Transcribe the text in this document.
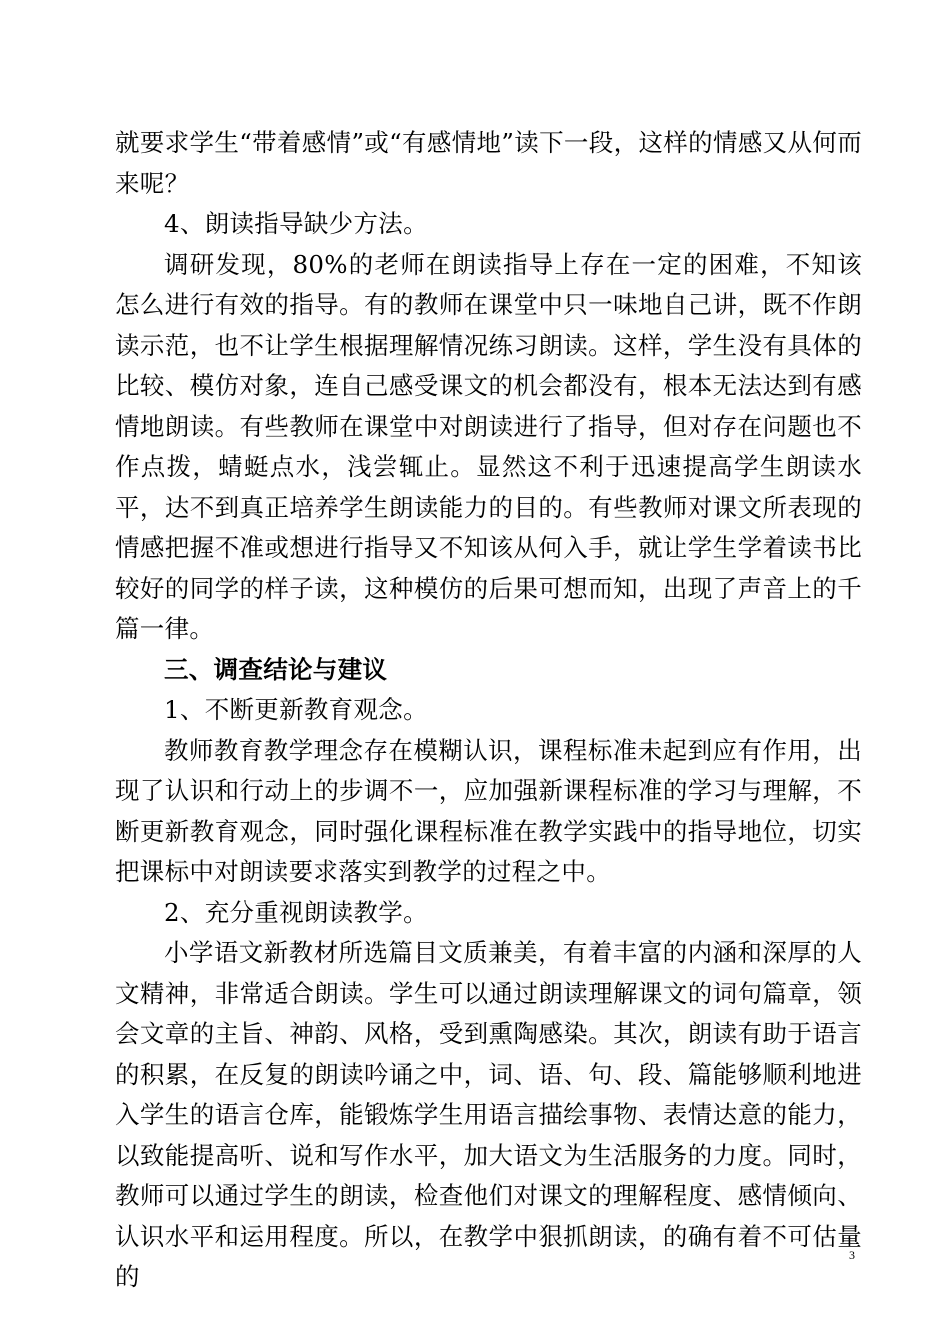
就要求学生“带着感情”或“有感情地”读下一段，这样的情感又从何而来呢？

4、朗读指导缺少方法。

调研发现，80%的老师在朗读指导上存在一定的困难，不知该怎么进行有效的指导。有的教师在课堂中只一味地自己讲，既不作朗读示范，也不让学生根据理解情况练习朗读。这样，学生没有具体的比较、模仿对象，连自己感受课文的机会都没有，根本无法达到有感情地朗读。有些教师在课堂中对朗读进行了指导，但对存在问题也不作点拨，蜻蜓点水，浅尝辄止。显然这不利于迅速提高学生朗读水平，达不到真正培养学生朗读能力的目的。有些教师对课文所表现的情感把握不准或想进行指导又不知该从何入手，就让学生学着读书比较好的同学的样子读，这种模仿的后果可想而知，出现了声音上的千篇一律。

三、调查结论与建议

1、不断更新教育观念。

教师教育教学理念存在模糊认识，课程标准未起到应有作用，出现了认识和行动上的步调不一，应加强新课程标准的学习与理解，不断更新教育观念，同时强化课程标准在教学实践中的指导地位，切实把课标中对朗读要求落实到教学的过程之中。

2、充分重视朗读教学。

小学语文新教材所选篇目文质兼美，有着丰富的内涵和深厚的人文精神，非常适合朗读。学生可以通过朗读理解课文的词句篇章，领会文章的主旨、神韵、风格，受到熏陶感染。其次，朗读有助于语言的积累，在反复的朗读吟诵之中，词、语、句、段、篇能够顺利地进入学生的语言仓库，能锻炼学生用语言描绘事物、表情达意的能力，以致能提高听、说和写作水平，加大语文为生活服务的力度。同时，教师可以通过学生的朗读，检查他们对课文的理解程度、感情倾向、认识水平和运用程度。所以，在教学中狠抓朗读，的确有着不可估量的

3
